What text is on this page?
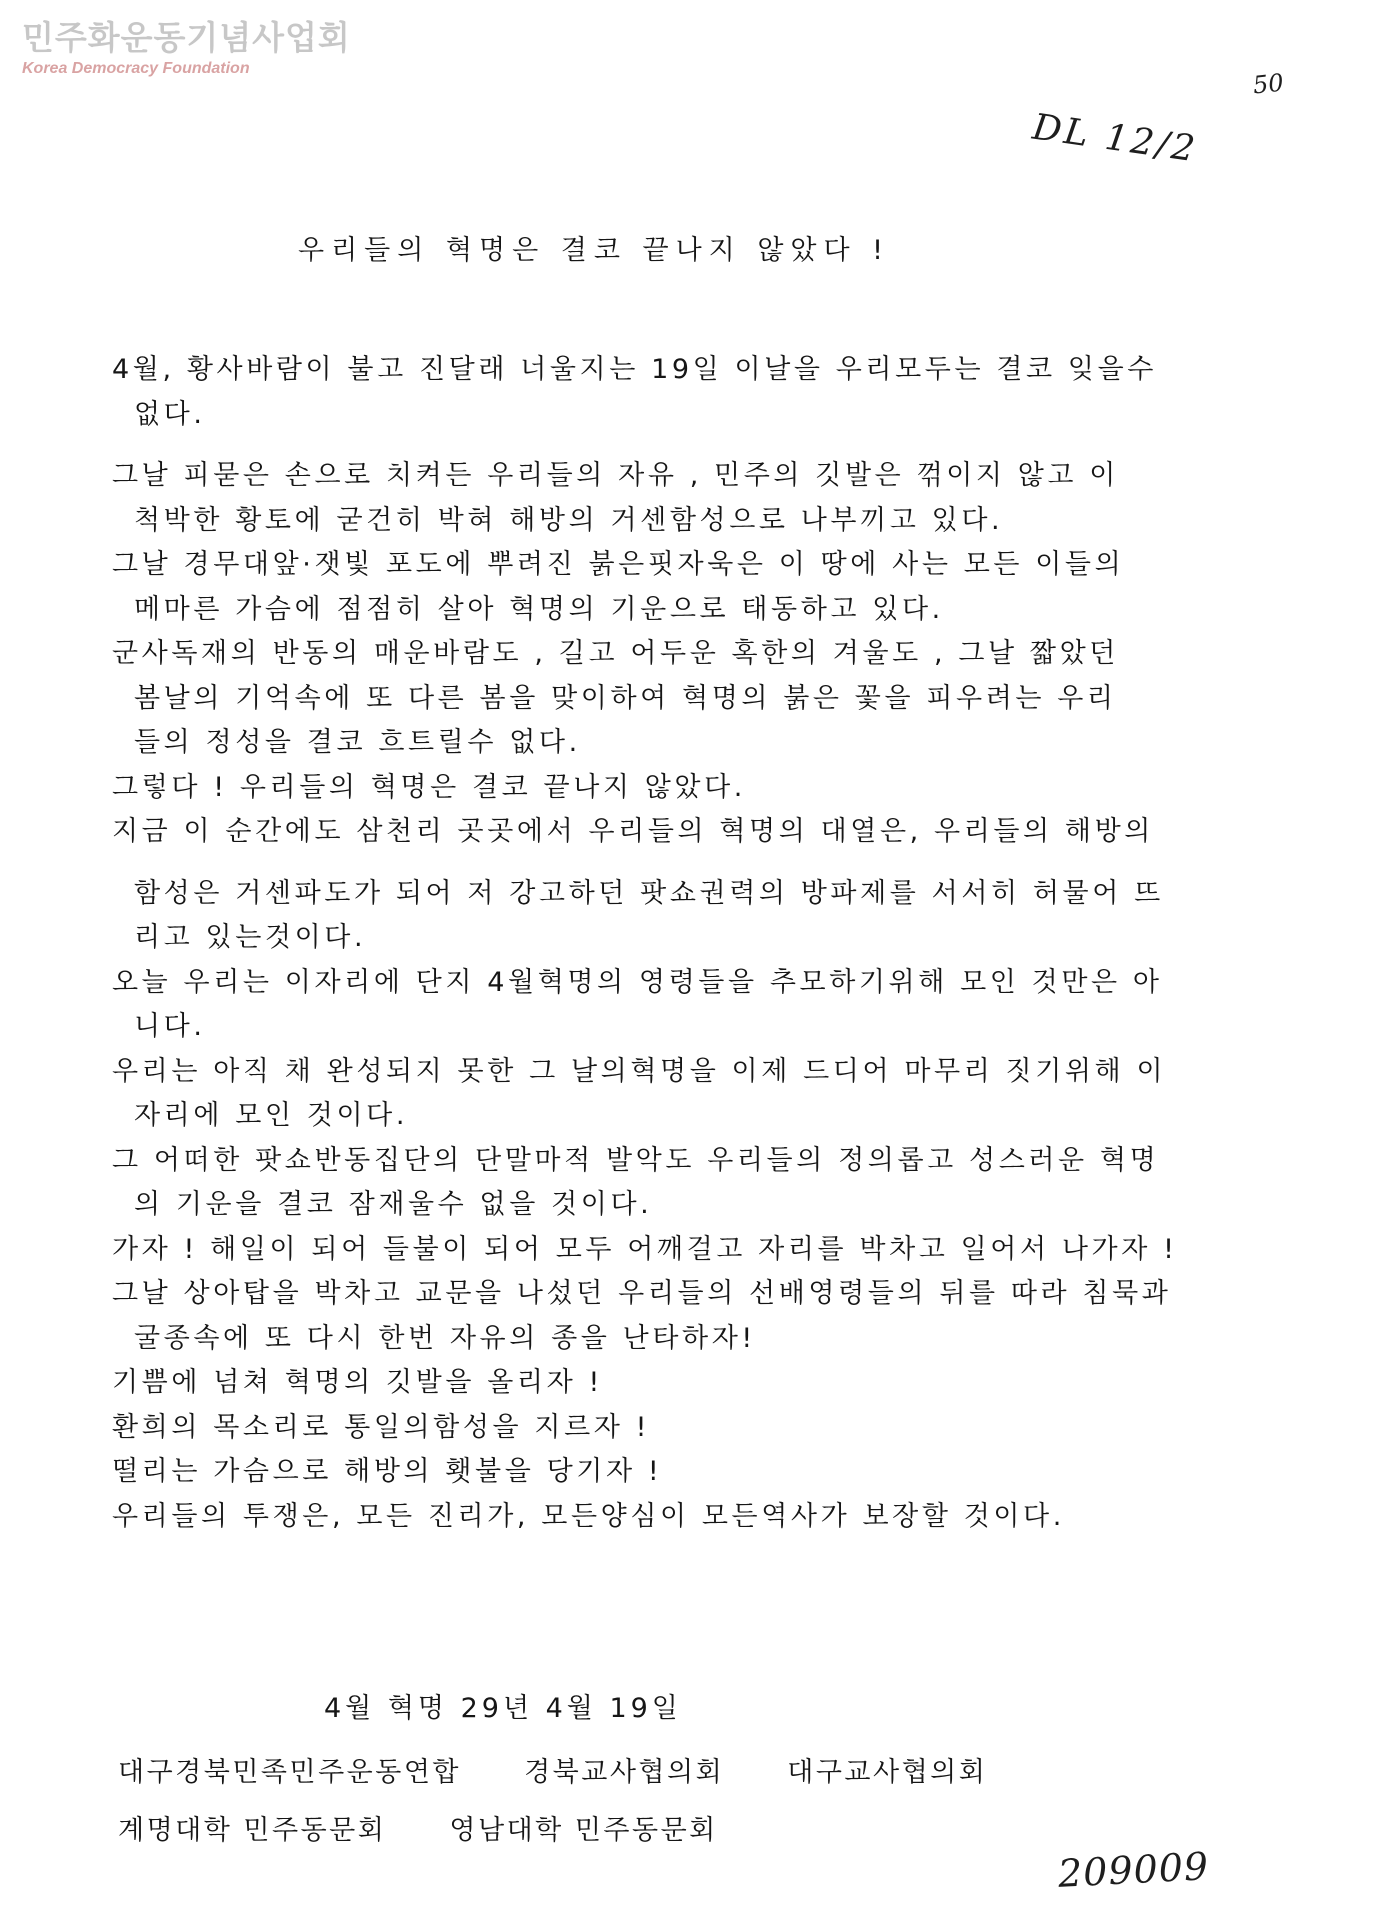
민주화운동기념사업회
Korea Democracy Foundation
DL 12/2
50
우리들의 혁명은 결코 끝나지 않았다 !
4월, 황사바람이 불고 진달래 너울지는 19일 이날을 우리모두는 결코 잊을수
없다.
그날 피묻은 손으로 치켜든 우리들의 자유 , 민주의 깃발은 꺾이지 않고 이
척박한 황토에 굳건히 박혀 해방의 거센함성으로 나부끼고 있다.
그날 경무대앞·잿빛 포도에 뿌려진 붉은핏자욱은 이 땅에 사는 모든 이들의
메마른 가슴에 점점히 살아 혁명의 기운으로 태동하고 있다.
군사독재의 반동의 매운바람도 , 길고 어두운 혹한의 겨울도 , 그날 짧았던
봄날의 기억속에 또 다른 봄을 맞이하여 혁명의 붉은 꽃을 피우려는 우리
들의 정성을 결코 흐트릴수 없다.
그렇다 ! 우리들의 혁명은 결코 끝나지 않았다.
지금 이 순간에도 삼천리 곳곳에서 우리들의 혁명의 대열은, 우리들의 해방의
함성은 거센파도가 되어 저 강고하던 팟쇼권력의 방파제를 서서히 허물어 뜨
리고 있는것이다.
오늘 우리는 이자리에 단지 4월혁명의 영령들을 추모하기위해 모인 것만은 아
니다.
우리는 아직 채 완성되지 못한 그 날의혁명을 이제 드디어 마무리 짓기위해 이
자리에 모인 것이다.
그 어떠한 팟쇼반동집단의 단말마적 발악도 우리들의 정의롭고 성스러운 혁명
의 기운을 결코 잠재울수 없을 것이다.
가자 ! 해일이 되어 들불이 되어 모두 어깨걸고 자리를 박차고 일어서 나가자 !
그날 상아탑을 박차고 교문을 나섰던 우리들의 선배영령들의 뒤를 따라 침묵과
굴종속에 또 다시 한번 자유의 종을 난타하자!
기쁨에 넘쳐 혁명의 깃발을 올리자 !
환희의 목소리로 통일의함성을 지르자 !
떨리는 가슴으로 해방의 횃불을 당기자 !
우리들의 투쟁은, 모든 진리가, 모든양심이 모든역사가 보장할 것이다.
4월 혁명 29년 4월 19일
대구경북민족민주운동연합 경북교사협의회 대구교사협의회
계명대학 민주동문회 영남대학 민주동문회
209009
